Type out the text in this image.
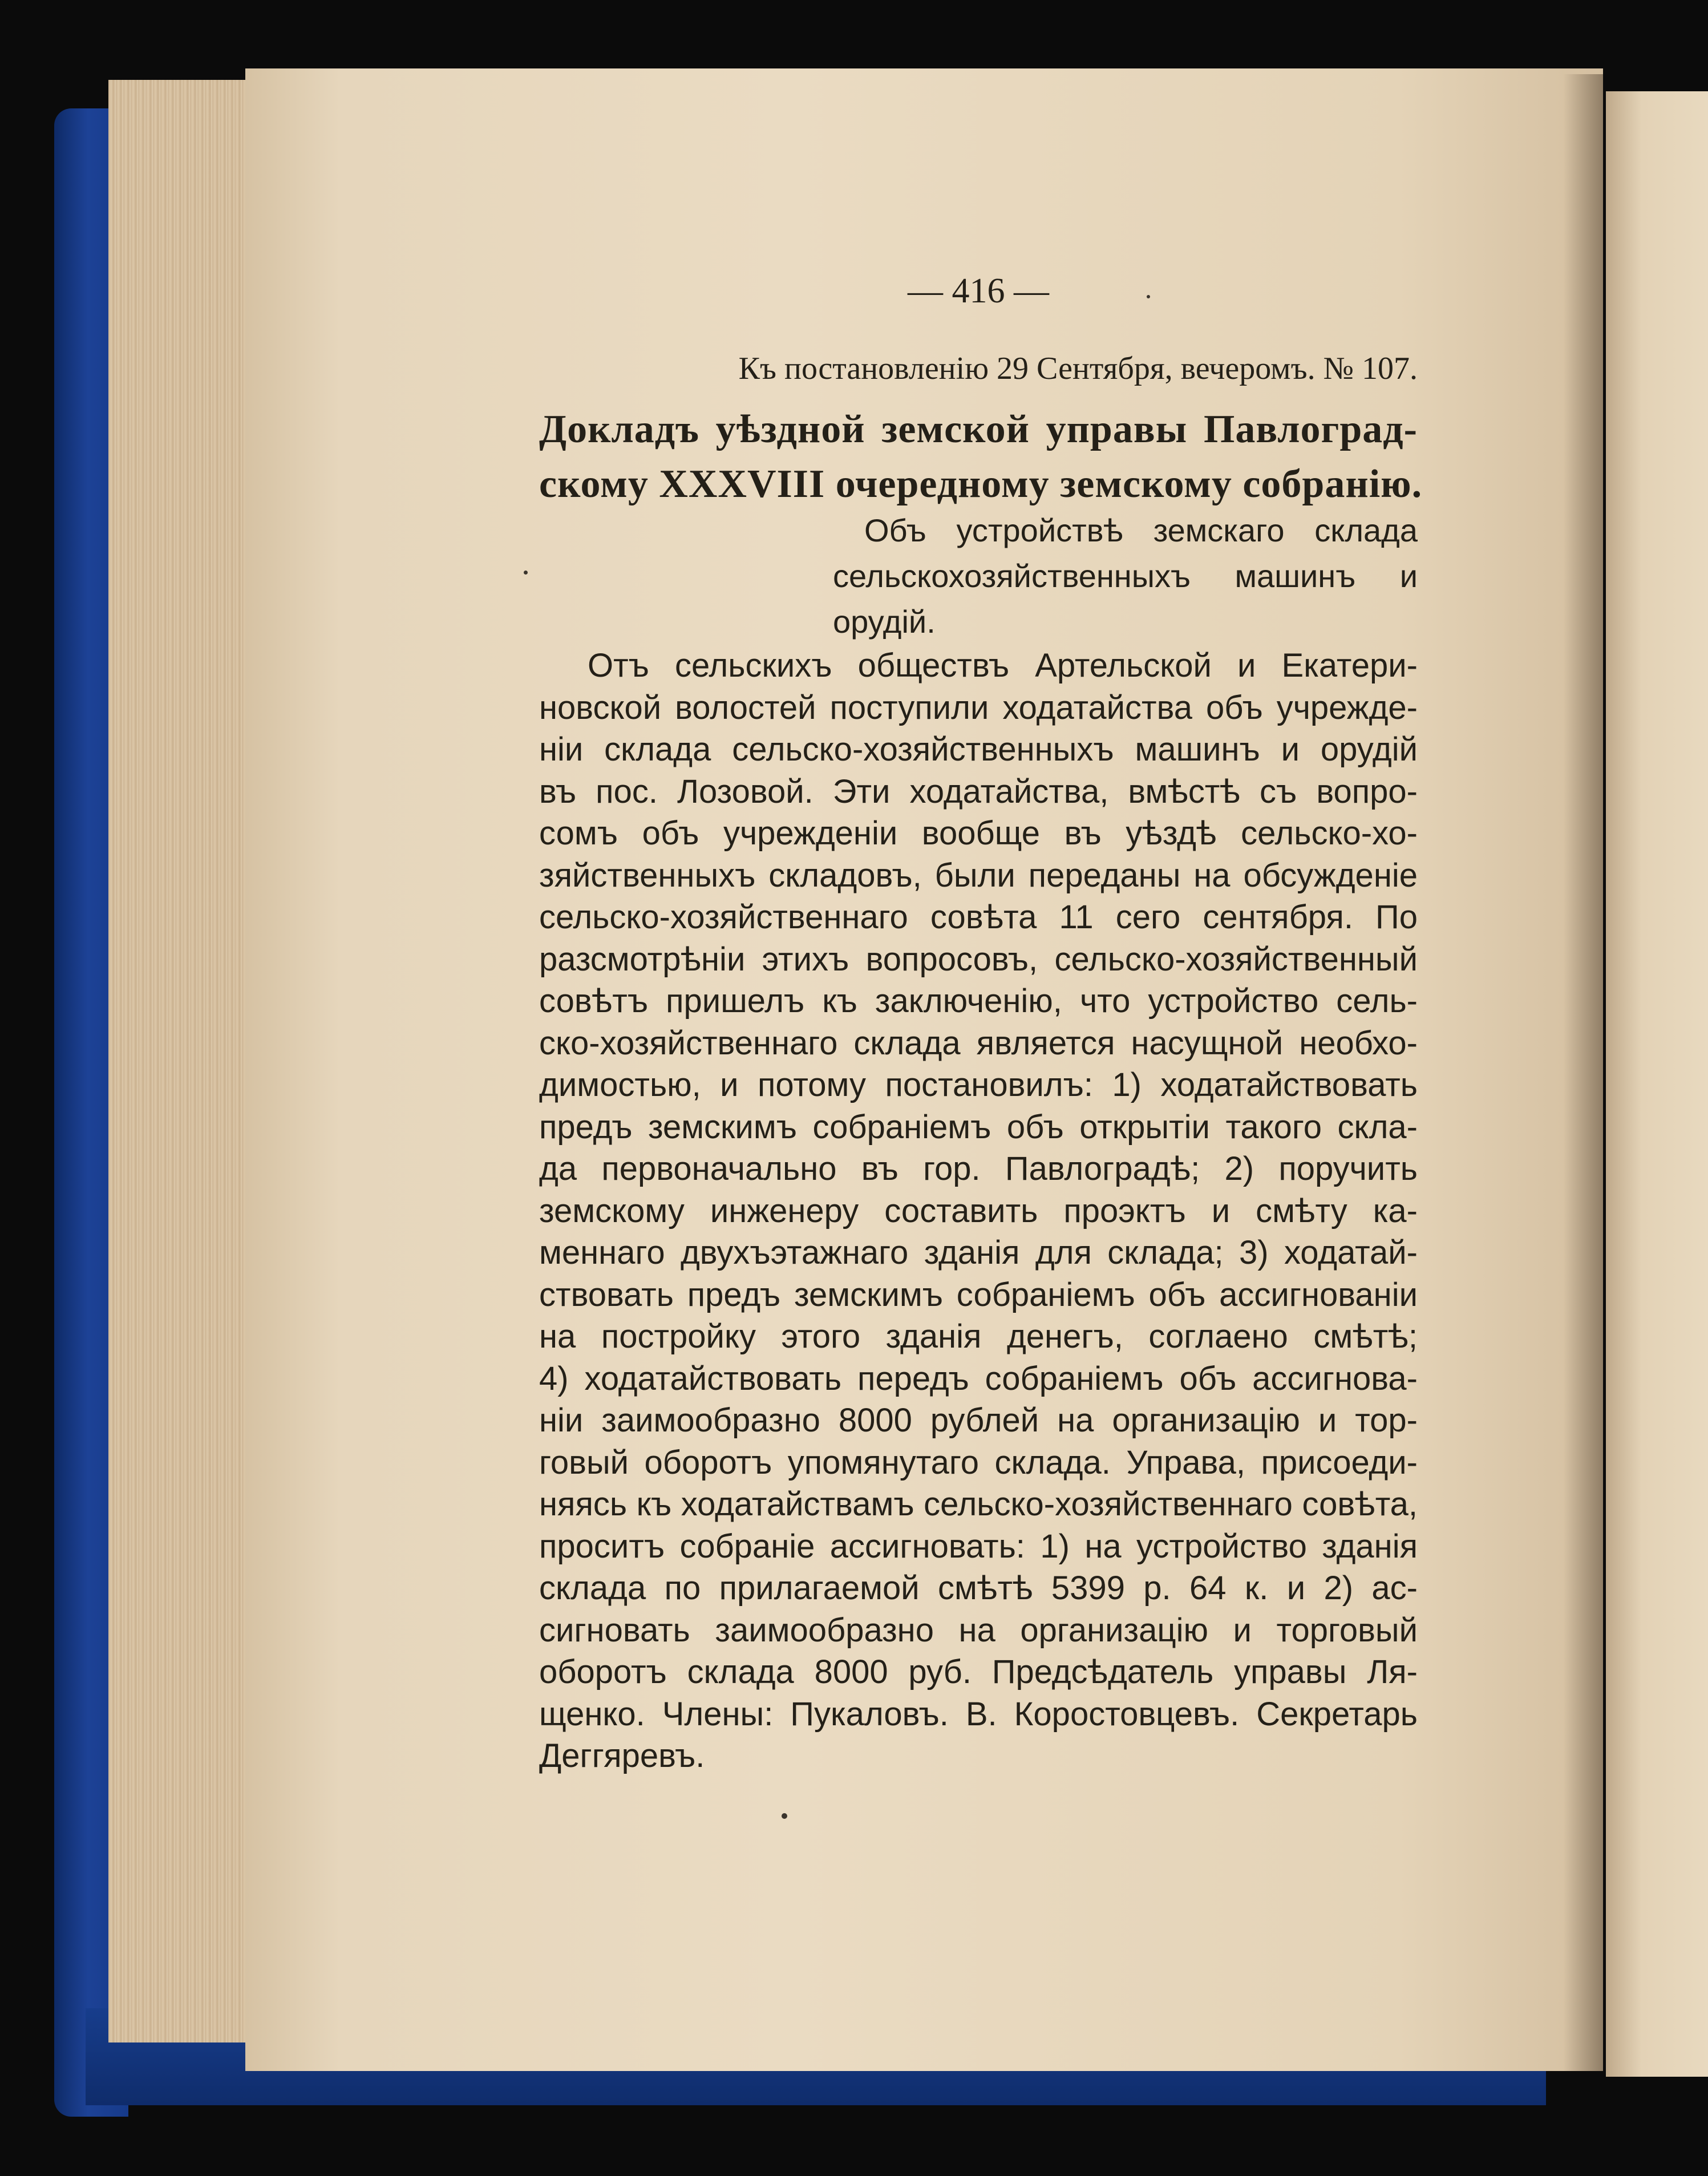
— 416 —
Къ постановленію 29 Сентября, вечеромъ. № 107.
Докладъ уѣздной земской управы Павлоград-
скому XXXVIII очередному земскому собранію.
Объ устройствѣ земскаго склада
сельскохозяйственныхъ машинъ и
орудій.
Отъ сельскихъ обществъ Артельской и Екатери-
новской волостей поступили ходатайства объ учрежде-
ніи склада сельско-хозяйственныхъ машинъ и орудій
въ пос. Лозовой. Эти ходатайства, вмѣстѣ съ вопро-
сомъ объ учрежденіи вообще въ уѣздѣ сельско-хо-
зяйственныхъ складовъ, были переданы на обсужденіе
сельско-хозяйственнаго совѣта 11 сего сентября. По
разсмотрѣніи этихъ вопросовъ, сельско-хозяйственный
совѣтъ пришелъ къ заключенію, что устройство сель-
ско-хозяйственнаго склада является насущной необхо-
димостью, и потому постановилъ: 1) ходатайствовать
предъ земскимъ собраніемъ объ открытіи такого скла-
да первоначально въ гор. Павлоградѣ; 2) поручить
земскому инженеру составить проэктъ и смѣту ка-
меннаго двухъэтажнаго зданія для склада; 3) ходатай-
ствовать предъ земскимъ собраніемъ объ ассигнованіи
на постройку этого зданія денегъ, соглаено смѣтѣ;
4) ходатайствовать передъ собраніемъ объ ассигнова-
ніи заимообразно 8000 рублей на организацію и тор-
говый оборотъ упомянутаго склада. Управа, присоеди-
няясь къ ходатайствамъ сельско-хозяйственнаго совѣта,
проситъ собраніе ассигновать: 1) на устройство зданія
склада по прилагаемой смѣтѣ 5399 р. 64 к. и 2) ас-
сигновать заимообразно на организацію и торговый
оборотъ склада 8000 руб. Предсѣдатель управы Ля-
щенко. Члены: Пукаловъ. В. Коростовцевъ. Секретарь
Деггяревъ.
